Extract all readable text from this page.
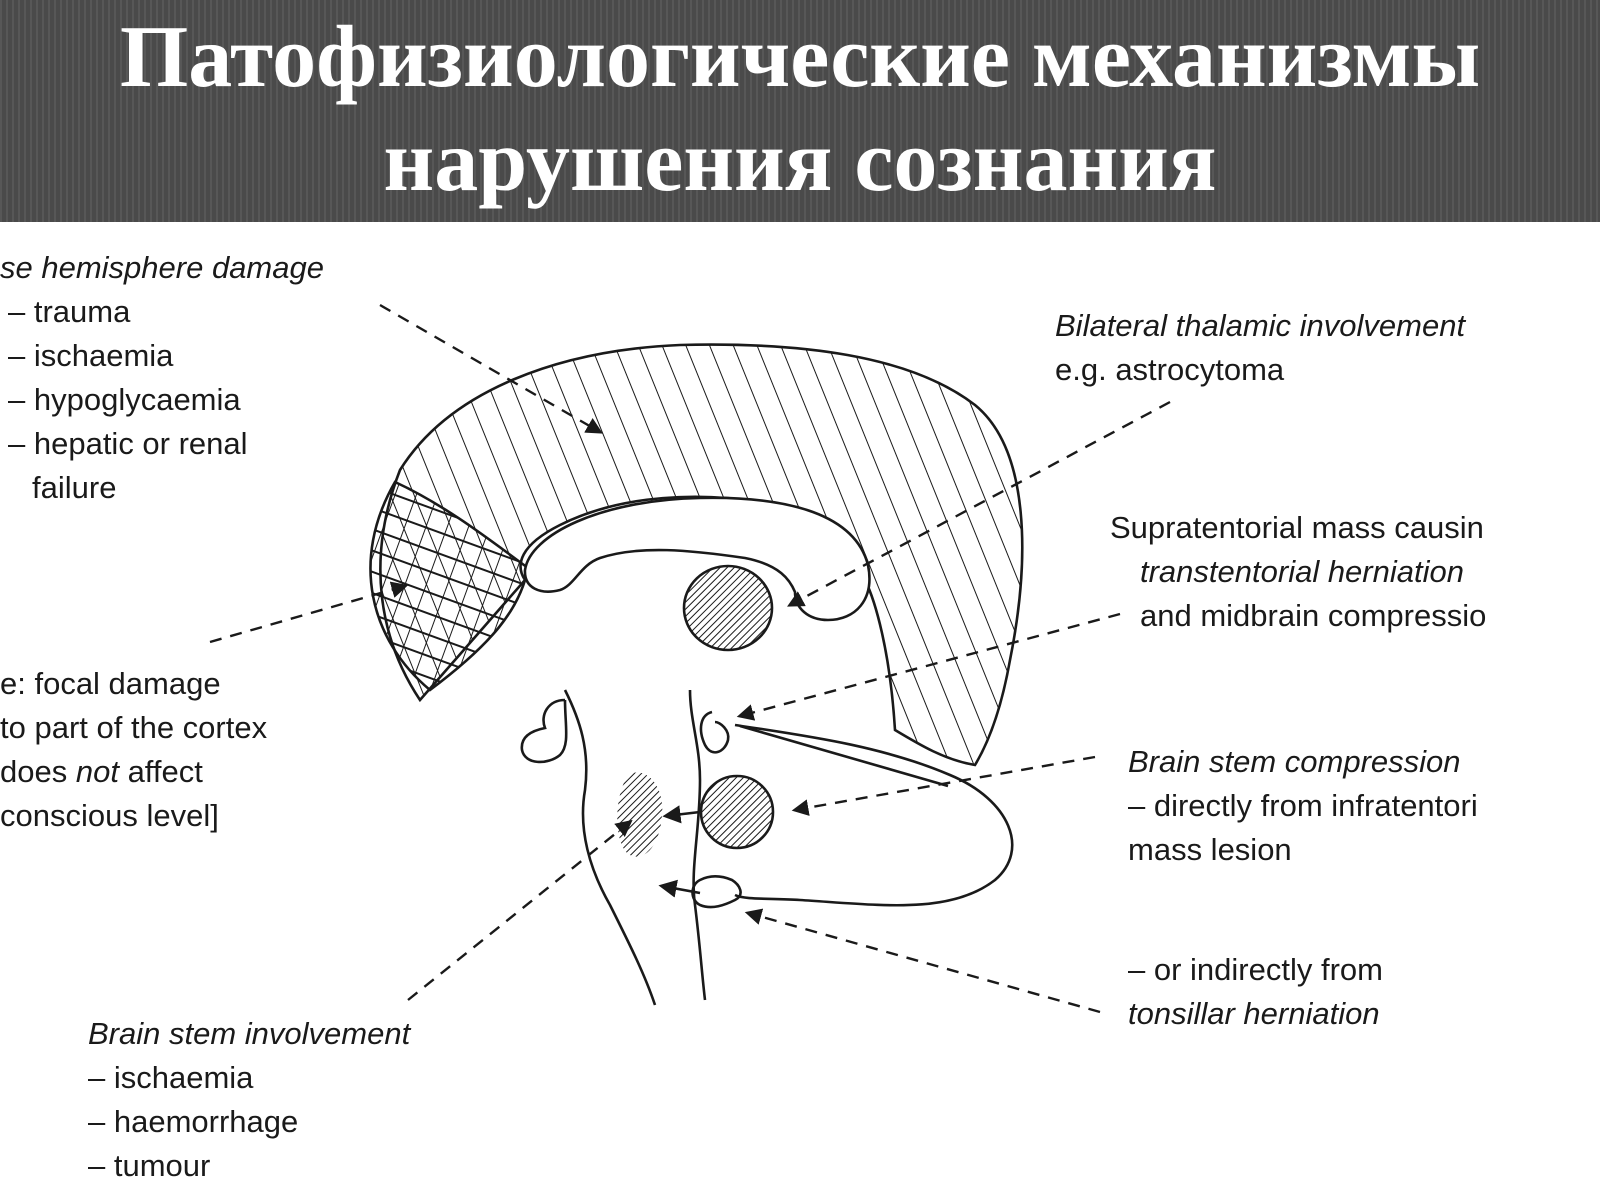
Патофизиологические механизмы
нарушения сознания
se hemisphere damage
– trauma
– ischaemia
– hypoglycaemia
– hepatic or renal
failure
e: focal damage
to part of the cortex
does not affect
conscious level]
Brain stem involvement
– ischaemia
– haemorrhage
– tumour
Bilateral thalamic involvement
e.g. astrocytoma
Supratentorial mass causin
transtentorial herniation
and midbrain compressio
Brain stem compression
– directly from infratentori
mass lesion
– or indirectly from
tonsillar herniation
